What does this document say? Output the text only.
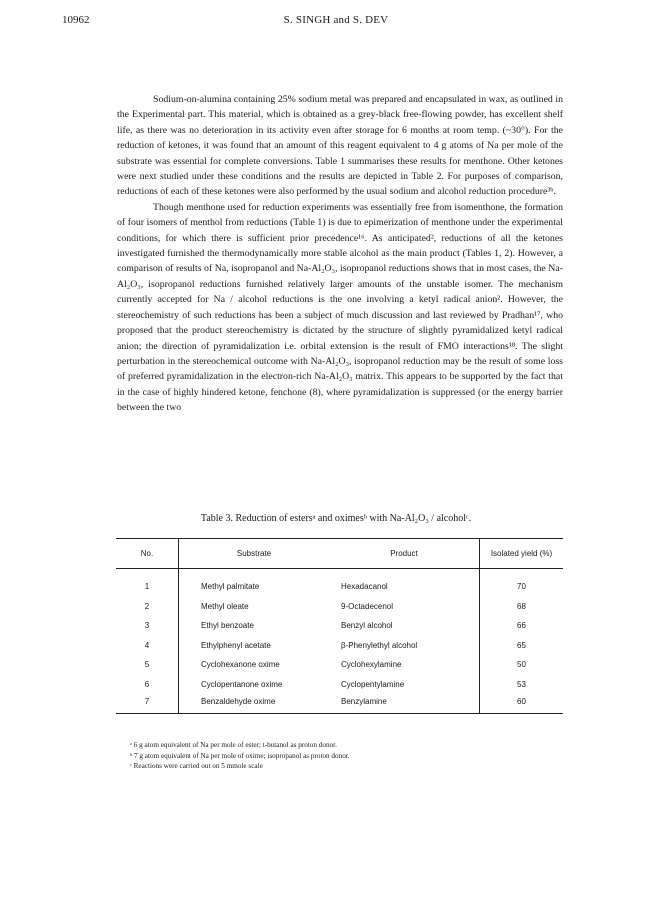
10962	S. SINGH and S. DEV

Sodium-on-alumina containing 25% sodium metal was prepared and encapsulated in wax, as outlined in the Experimental part. This material, which is obtained as a grey-black free-flowing powder, has excellent shelf life, as there was no deterioration in its activity even after storage for 6 months at room temp. (~30°). For the reduction of ketones, it was found that an amount of this reagent equivalent to 4 g atoms of Na per mole of the substrate was essential for complete conversions. Table 1 summarises these results for menthone. Other ketones were next studied under these conditions and the results are depicted in Table 2. For purposes of comparison, reductions of each of these ketones were also performed by the usual sodium and alcohol reduction procedure³ᵇ.

Though menthone used for reduction experiments was essentially free from isomenthone, the formation of four isomers of menthol from reductions (Table 1) is due to epimerization of menthone under the experimental conditions, for which there is sufficient prior precedence¹⁶. As anticipated², reductions of all the ketones investigated furnished the thermodynamically more stable alcohol as the main product (Tables 1, 2). However, a comparison of results of Na, isopropanol and Na-Al₂O₃, isopropanol reductions shows that in most cases, the Na-Al₂O₃, isopropanol reductions furnished relatively larger amounts of the unstable isomer. The mechanism currently accepted for Na / alcohol reductions is the one involving a ketyl radical anion². However, the stereochemistry of such reductions has been a subject of much discussion and last reviewed by Pradhan¹⁷, who proposed that the product stereochemistry is dictated by the structure of slightly pyramidalized ketyl radical anion; the direction of pyramidalization i.e. orbital extension is the result of FMO interactions¹⁸. The slight perturbation in the stereochemical outcome with Na-Al₂O₃, isopropanol reduction may be the result of some loss of preferred pyramidalization in the electron-rich Na-Al₂O₃ matrix. This appears to be supported by the fact that in the case of highly hindered ketone, fenchone (8), where pyramidalization is suppressed (or the energy barrier between the two

Table 3. Reduction of estersᵃ and oximesᵇ with Na-Al₂O₃ / alcoholᶜ.
No.	Substrate	Product	Isolated yield (%)
1	Methyl palmitate	Hexadacanol	70
2	Methyl oleate	9-Octadecenol	68
3	Ethyl benzoate	Benzyl alcohol	66
4	Ethylphenyl acetate	β-Phenylethyl alcohol	65
5	Cyclohexanone oxime	Cyclohexylamine	50
6	Cyclopentanone oxime	Cyclopentylamine	53
7	Benzaldehyde oxime	Benzylamine	60
ᵃ 6 g atom equivalent of Na per mole of ester; t-butanol as proton donor.
ᵇ 7 g atom equivalent of Na per mole of oxime; isopropanol as proton donor.
ᶜ Reactions were carried out on 5 mmole scale
